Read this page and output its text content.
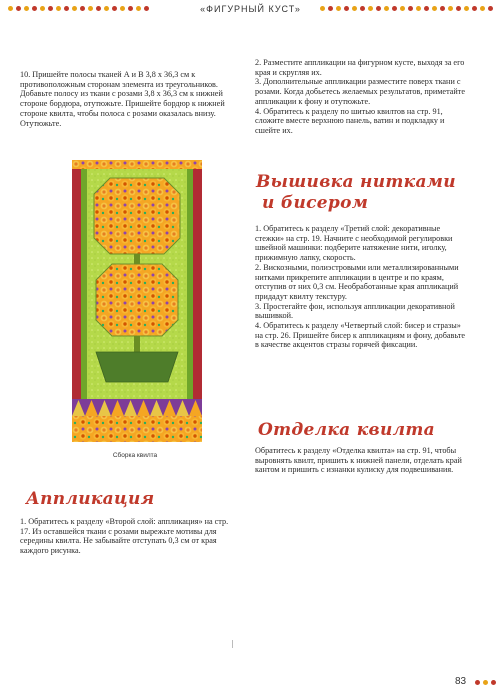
«ФИГУРНЫЙ КУСТ»

10. Пришейте полосы тканей А и В 3,8 х 36,3 см к противоположным сторонам элемента из треугольников. Добавьте полосу из ткани с розами 3,8 х 36,3 см к нижней стороне бордюра, отутюжьте. Пришейте бордюр к нижней стороне квилта, чтобы полоса с розами оказалась внизу. Отутюжьте.

Сборка квилта
Аппликация

1. Обратитесь к разделу «Второй слой: аппликация» на стр. 17. Из оставшейся ткани с розами вырежьте мотивы для середины квилта. Не забывайте отступать 0,3 см от края каждого рисунка.

2. Разместите аппликации на фигурном кусте, выходя за его края и скругляя их.

3. Дополнительные аппликации разместите поверх ткани с розами. Когда добьетесь желаемых результатов, приметайте аппликации к фону и отутюжьте.

4. Обратитесь к разделу по шитью квилтов на стр. 91, сложите вместе верхнюю панель, ватин и подкладку и сшейте их.

Вышивка нитками
и бисером

1. Обратитесь к разделу «Третий слой: декоративные стежки» на стр. 19. Начните с необходимой регулировки швейной машинки: подберите натяжение нити, иголку, прижимную лапку, скорость.

2. Вискозными, полиэстровыми или металлизированными нитками прикрепите аппликации в центре и по краям, отступив от них 0,3 см. Необработанные края аппликаций придадут квилту текстуру.

3. Простегайте фон, используя аппликации декоративной вышивкой.

4. Обратитесь к разделу «Четвертый слой: бисер и стразы» на стр. 26. Пришейте бисер к аппликациям и фону, добавьте в качестве акцентов стразы горячей фиксации.

Отделка квилта

Обратитесь к разделу «Отделка квилта» на стр. 91, чтобы выровнять квилт, пришить к нижней панели, отделать край кантом и пришить с изнанки кулиску для подвешивания.

83
